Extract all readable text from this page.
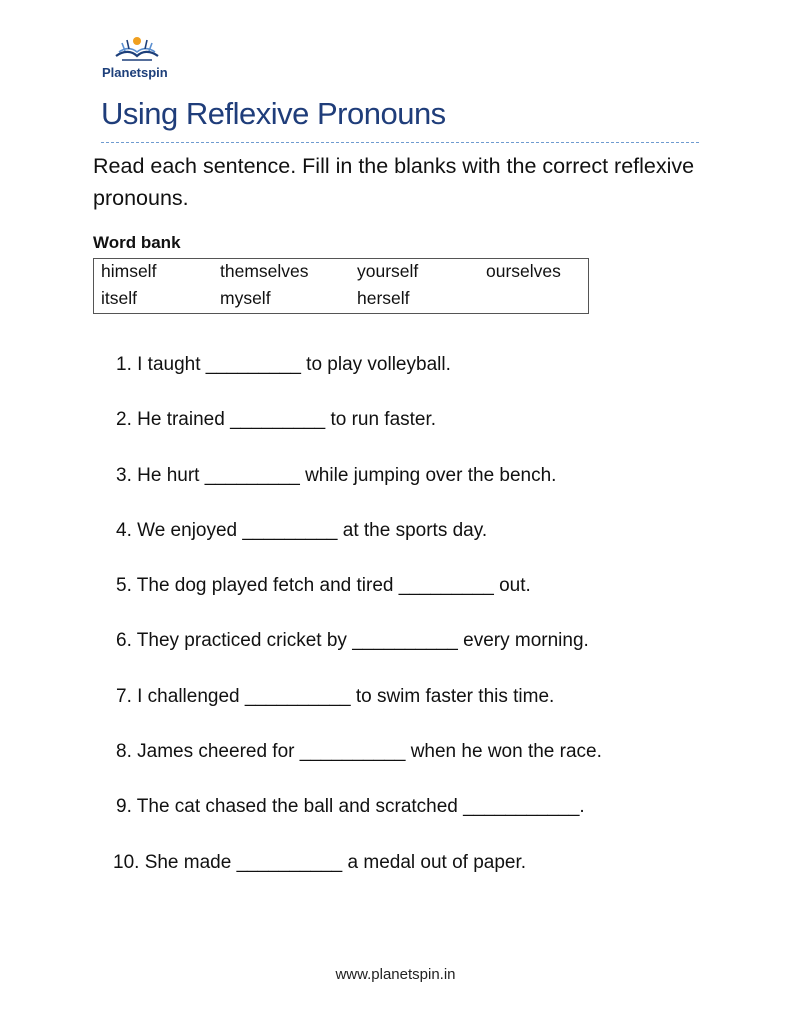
Planetspin
Using Reflexive Pronouns
Read each sentence. Fill in the blanks with the correct reflexive pronouns.
Word bank
himself	themselves	yourself	ourselves
itself	myself	herself
1. I taught _________ to play volleyball.
2. He trained _________ to run faster.
3. He hurt _________ while jumping over the bench.
4. We enjoyed _________ at the sports day.
5. The dog played fetch and tired _________ out.
6. They practiced cricket by __________ every morning.
7. I challenged __________ to swim faster this time.
8. James cheered for __________ when he won the race.
9. The cat chased the ball and scratched ___________.
10. She made __________ a medal out of paper.
www.planetspin.in
